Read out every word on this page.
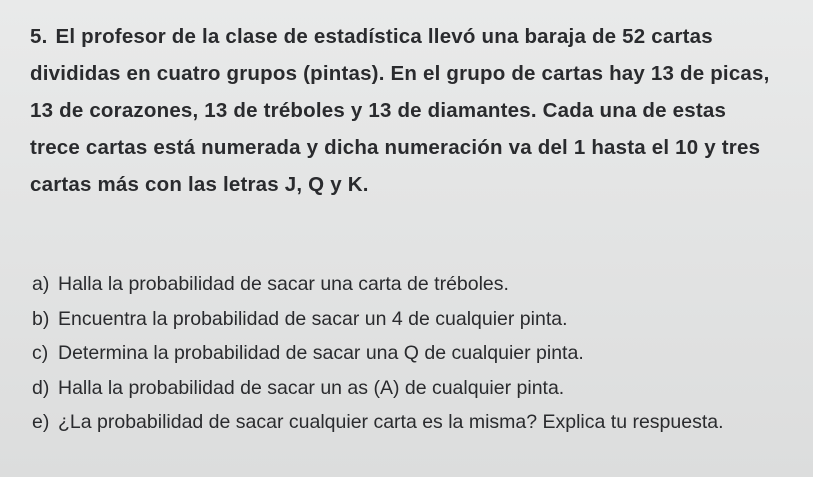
5. El profesor de la clase de estadística llevó una baraja de 52 cartas divididas en cuatro grupos (pintas). En el grupo de cartas hay 13 de picas, 13 de corazones, 13 de tréboles y 13 de diamantes. Cada una de estas trece cartas está numerada y dicha numeración va del 1 hasta el 10 y tres cartas más con las letras J, Q y K.
a) Halla la probabilidad de sacar una carta de tréboles.
b) Encuentra la probabilidad de sacar un 4 de cualquier pinta.
c) Determina la probabilidad de sacar una Q de cualquier pinta.
d) Halla la probabilidad de sacar un as (A) de cualquier pinta.
e) ¿La probabilidad de sacar cualquier carta es la misma? Explica tu respuesta.
